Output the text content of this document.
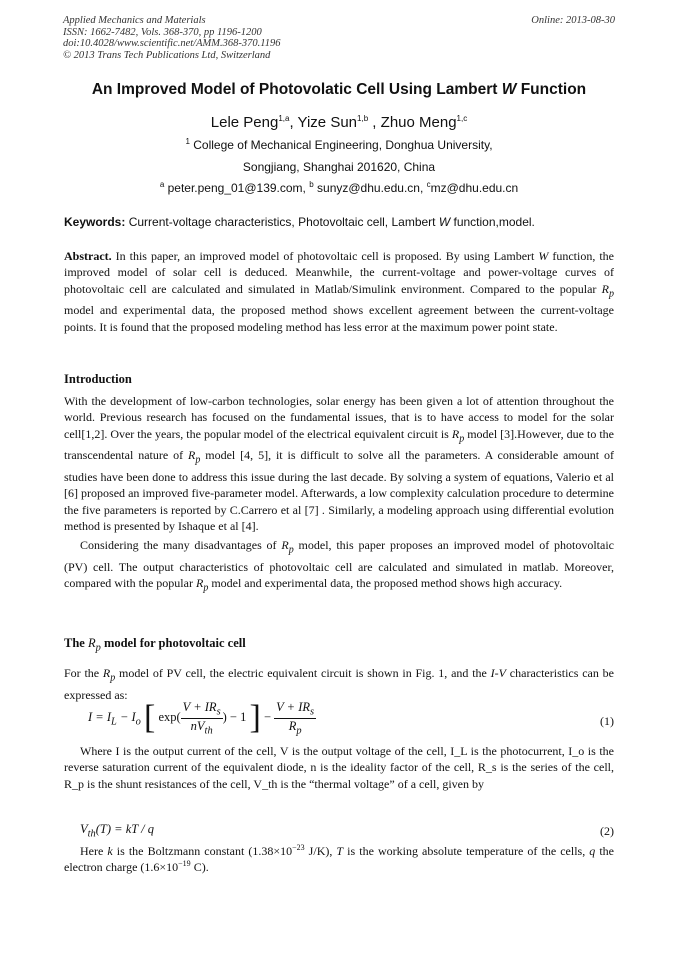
Applied Mechanics and Materials
ISSN: 1662-7482, Vols. 368-370, pp 1196-1200
doi:10.4028/www.scientific.net/AMM.368-370.1196
© 2013 Trans Tech Publications Ltd, Switzerland
Online: 2013-08-30
An Improved Model of Photovolatic Cell Using Lambert W Function
Lele Peng$^{1,a}$, Yize Sun$^{1,b}$ , Zhuo Meng$^{1,c}$
$^1$ College of Mechanical Engineering, Donghua University,
Songjiang, Shanghai 201620, China
$^a$ peter.peng_01@139.com, $^b$ sunyz@dhu.edu.cn, $^c$mz@dhu.edu.cn
Keywords: Current-voltage characteristics, Photovoltaic cell, Lambert W function,model.
Abstract. In this paper, an improved model of photovoltaic cell is proposed. By using Lambert W function, the improved model of solar cell is deduced. Meanwhile, the current-voltage and power-voltage curves of photovoltaic cell are calculated and simulated in Matlab/Simulink environment. Compared to the popular $R_p$ model and experimental data, the proposed method shows excellent agreement between the current-voltage points. It is found that the proposed modeling method has less error at the maximum power point state.
Introduction
With the development of low-carbon technologies, solar energy has been given a lot of attention throughout the world. Previous research has focused on the fundamental issues, that is to have access to model for the solar cell[1,2]. Over the years, the popular model of the electrical equivalent circuit is $R_p$ model [3].However, due to the transcendental nature of $R_p$ model [4, 5], it is difficult to solve all the parameters. A considerable amount of studies have been done to address this issue during the last decade. By solving a system of equations, Valerio et al [6] proposed an improved five-parameter model. Afterwards, a low complexity calculation procedure to determine the five parameters is reported by C.Carrero et al [7] . Similarly, a modeling approach using differential evolution method is presented by Ishaque et al [4].
Considering the many disadvantages of $R_p$ model, this paper proposes an improved model of photovoltaic (PV) cell. The output characteristics of photovoltaic cell are calculated and simulated in matlab. Moreover, compared with the popular $R_p$ model and experimental data, the proposed method shows high accuracy.
The $R_p$ model for photovoltaic cell
For the $R_p$ model of PV cell, the electric equivalent circuit is shown in Fig. 1, and the I-V characteristics can be expressed as:
$I = I_L - I_o$ [ $\exp( \frac{V + IR_s}{nV_{th}}$ ) − 1 ] − $\frac{V + IR_s}{R_p}$	(1)
Where I is the output current of the cell, V is the output voltage of the cell, I_L is the photocurrent, I_o is the reverse saturation current of the equivalent diode, n is the ideality factor of the cell, R_s is the series of the cell, R_p is the shunt resistances of the cell, V_th is the “thermal voltage” of a cell, given by
$V_{th}(T)$ = kT / q	(2)
Here k is the Boltzmann constant ($1.38\times 10^{-23}$ J/K), T is the working absolute temperature of the cells, q the electron charge ($1.6\times 10^{-19}$ C).
